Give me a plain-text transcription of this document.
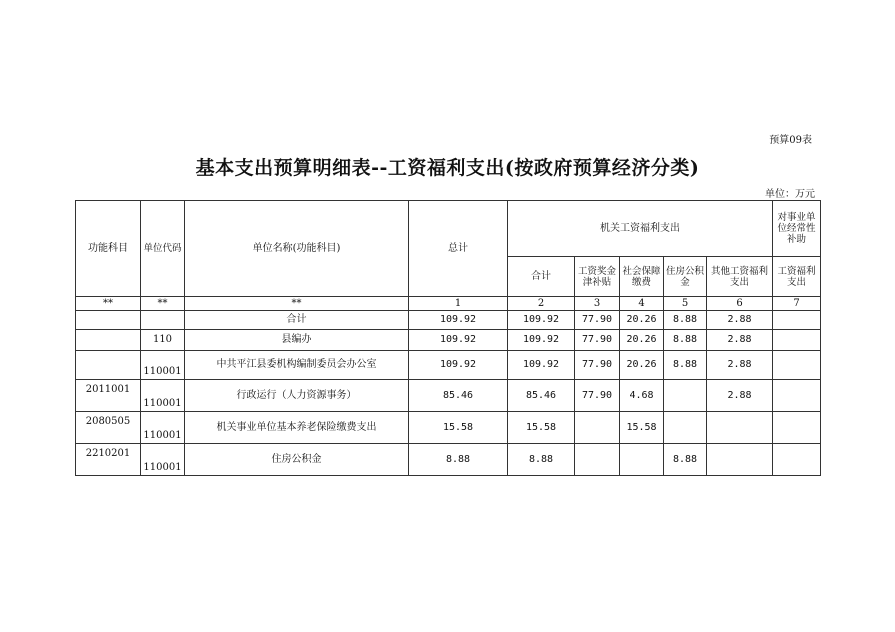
预算09表
基本支出预算明细表--工资福利支出(按政府预算经济分类)
单位：万元
功能科目	单位代码	单位名称(功能科目)	总计	机关工资福利支出					对事业单位经常性补助
				合计	工资奖金津补贴	社会保障缴费	住房公积金	其他工资福利支出	工资福利支出
**	**	**	1	2	3	4	5	6	7
		合计	109.92	109.92	77.90	20.26	8.88	2.88	
	110	县编办	109.92	109.92	77.90	20.26	8.88	2.88	
	110001	中共平江县委机构编制委员会办公室	109.92	109.92	77.90	20.26	8.88	2.88	
2011001	110001	行政运行（人力资源事务）	85.46	85.46	77.90	4.68		2.88	
2080505	110001	机关事业单位基本养老保险缴费支出	15.58	15.58		15.58			
2210201	110001	住房公积金	8.88	8.88			8.88		
